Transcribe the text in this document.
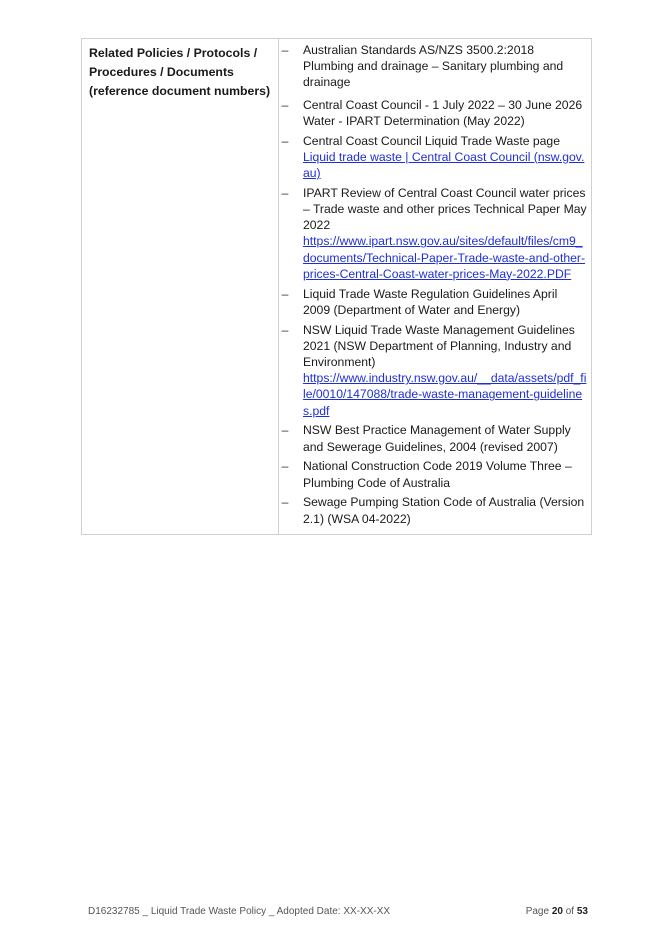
Related Policies / Protocols / Procedures / Documents (reference document numbers)	
– Australian Standards AS/NZS 3500.2:2018 Plumbing and drainage – Sanitary plumbing and drainage
– Central Coast Council - 1 July 2022 – 30 June 2026 Water - IPART Determination (May 2022)
– Central Coast Council Liquid Trade Waste page
Liquid trade waste | Central Coast Council (nsw.gov.au)
– IPART Review of Central Coast Council water prices – Trade waste and other prices Technical Paper May 2022
https://www.ipart.nsw.gov.au/sites/default/files/cm9_documents/Technical-Paper-Trade-waste-and-other-prices-Central-Coast-water-prices-May-2022.PDF
– Liquid Trade Waste Regulation Guidelines April 2009 (Department of Water and Energy)
– NSW Liquid Trade Waste Management Guidelines 2021 (NSW Department of Planning, Industry and Environment)
https://www.industry.nsw.gov.au/__data/assets/pdf_file/0010/147088/trade-waste-management-guidelines.pdf
– NSW Best Practice Management of Water Supply and Sewerage Guidelines, 2004 (revised 2007)
– National Construction Code 2019 Volume Three – Plumbing Code of Australia
– Sewage Pumping Station Code of Australia (Version 2.1) (WSA 04-2022)
D16232785 _ Liquid Trade Waste Policy _ Adopted Date: XX-XX-XX	Page 20 of 53
